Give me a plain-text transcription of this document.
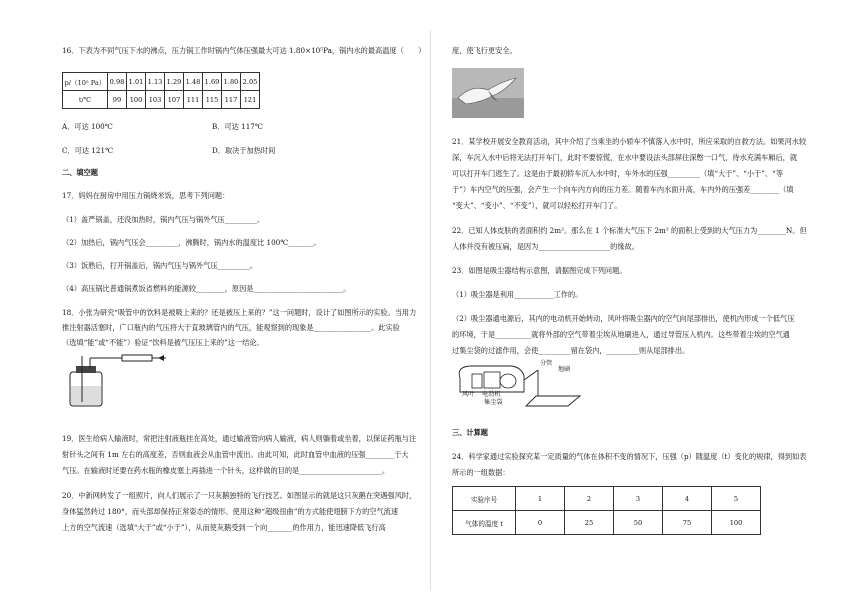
16．下表为不同气压下水的沸点，压力锅工作时锅内气体压强最大可达 1.80×10⁵Pa，锅内水的最高温度（　　）
p/（10⁵ Pa）	0.98	1.01	1.13	1.29	1.48	1.69	1.80	2.05
t/℃	99	100	103	107	111	115	117	121
A．可达 100℃	B．可达 117℃
C．可达 121℃	D．取决于加热时间
二、填空题
17．妈妈在厨房中用压力锅烧米饭，思考下列问题：
（1）盖严锅盖，还没加热时，锅内气压与锅外气压_________。
（2）加热后，锅内气压会_________，沸腾时，锅内水的温度比 100℃_______。
（3）饭熟后，打开锅盖后，锅内气压与锅外气压_________。
（4）高压锅比普通锅煮饭省燃料的能源较________，原因是_________________________。
18．小张为研究“吸管中的饮料是被吸上来的？还是被压上来的？”这一问题时，设计了如图所示的实验。当用力
推注射器活塞时，广口瓶内的气压将大于直玻璃管内的气压，能观察到的现象是________________。此实验
（选填“能”或“不能”）验证“饮料是被气压压上来的”这一结论。
19．医生给病人输液时，常把注射液瓶挂在高处，通过输液管向病人输液，病人则躺着或坐着，以保证药瓶与注
射针头之间有 1m 左右的高度差，否则血液会从血管中流出。由此可知，此时血管中血液的压强________于大
气压。在输液时还要在药水瓶的橡皮塞上再插进一个针头，这样做的目的是_______________________。
20．中新网转发了一组照片，向人们展示了一只灰鹅独特的飞行技艺。如图显示的就是这只灰鹅在突遇强风时，
身体猛然转过 180°，而头部却保持正常姿态的情形。使用这种“超级扭曲”的方式能使翅膀下方的空气流速
上方的空气流速（选填“大于”或“小于”），从而使灰鹅受到一个向_______的作用力，能迅速降低飞行高
度，使飞行更安全。
21．某学校开展安全教育活动，其中介绍了当乘坐的小轿车不慎落入水中时，所应采取的自救方法。如果河水较
深，车沉入水中后将无法打开车门，此时不要惊慌，在水中要设法头部屏住深憋一口气，待水充满车厢后，就
可以打开车门逃生了。这是由于最初轿车沉入水中时，车外水的压强_________（填“大于”、“小于”、“等
于”）车内空气的压强，会产生一个向车内方向的压力差。随着车内水面升高，车内外的压强差________（填
“变大”、“变小”、“不变”），就可以轻松打开车门了。
22．已知人体皮肤的表面积约 2m²。那么在 1 个标准大气压下 2m² 的面积上受到的大气压力为________N。但
人体并没有被压扁，是因为____________________的缘故。
23．如图是吸尘器结构示意图，请据图完成下列问题。
（1）吸尘器是利用___________工作的。
（2）吸尘器通电源后，其内的电动机开始转动，风叶将吸尘器内的空气向尾部排出，使机内形成一个低气压
的环境，于是__________就将外部的空气带着尘埃从地刷进入，通过导管压入机内。这些带着尘埃的空气通
过集尘袋的过滤作用，会使_________留在袋内，_________则从尾部排出。
分管
地刷
风叶 电动机
集尘袋
三、计算题
24．科学家通过实验探究某一定质量的气体在体积不变的情况下，压强（p）随温度（t）变化的规律，得到如表
所示的一组数据：
实验序号	1	2	3	4	5
气体的温度 t	0	25	50	75	100
